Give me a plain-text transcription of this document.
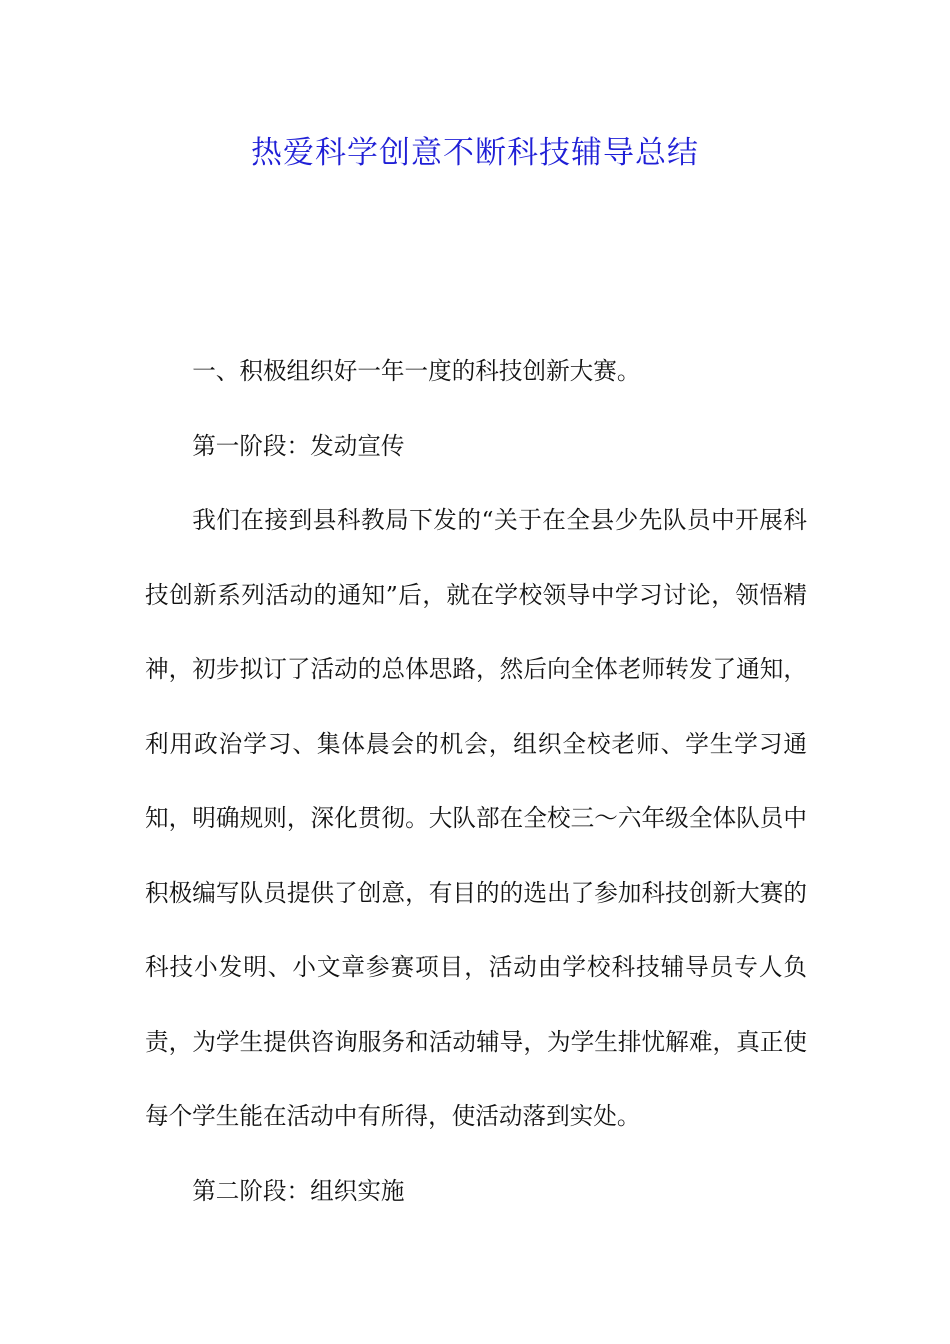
热爱科学创意不断科技辅导总结

一、积极组织好一年一度的科技创新大赛。

第一阶段：发动宣传

我们在接到县科教局下发的“关于在全县少先队员中开展科技创新系列活动的通知”后，就在学校领导中学习讨论，领悟精神，初步拟订了活动的总体思路，然后向全体老师转发了通知，利用政治学习、集体晨会的机会，组织全校老师、学生学习通知，明确规则，深化贯彻。大队部在全校三～六年级全体队员中积极编写队员提供了创意，有目的的选出了参加科技创新大赛的科技小发明、小文章参赛项目，活动由学校科技辅导员专人负责，为学生提供咨询服务和活动辅导，为学生排忧解难，真正使每个学生能在活动中有所得，使活动落到实处。

第二阶段：组织实施
